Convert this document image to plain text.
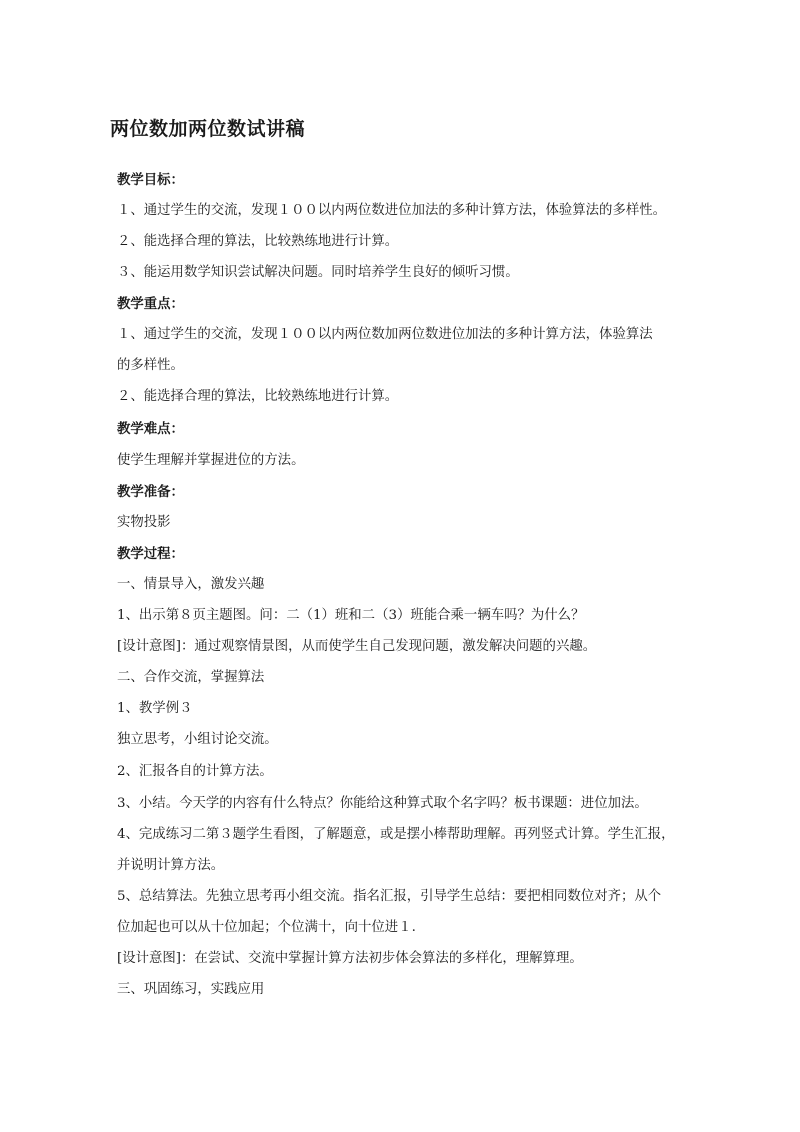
两位数加两位数试讲稿

教学目标：

１、通过学生的交流，发现１００以内两位数进位加法的多种计算方法，体验算法的多样性。

２、能选择合理的算法，比较熟练地进行计算。

３、能运用数学知识尝试解决问题。同时培养学生良好的倾听习惯。

教学重点：

１、通过学生的交流，发现１００以内两位数加两位数进位加法的多种计算方法，体验算法

的多样性。

２、能选择合理的算法，比较熟练地进行计算。

教学难点：

使学生理解并掌握进位的方法。

教学准备：

实物投影

教学过程：

一、情景导入，激发兴趣

1、出示第８页主题图。问：二（1）班和二（3）班能合乘一辆车吗？为什么？

[设计意图]：通过观察情景图，从而使学生自己发现问题，激发解决问题的兴趣。

二、合作交流，掌握算法

1、教学例３

独立思考，小组讨论交流。

2、汇报各自的计算方法。

3、小结。今天学的内容有什么特点？你能给这种算式取个名字吗？板书课题：进位加法。

4、完成练习二第３题学生看图，了解题意，或是摆小棒帮助理解。再列竖式计算。学生汇报，

并说明计算方法。

5、总结算法。先独立思考再小组交流。指名汇报，引导学生总结：要把相同数位对齐；从个

位加起也可以从十位加起；个位满十，向十位进１.

[设计意图]：在尝试、交流中掌握计算方法初步体会算法的多样化，理解算理。

三、巩固练习，实践应用
